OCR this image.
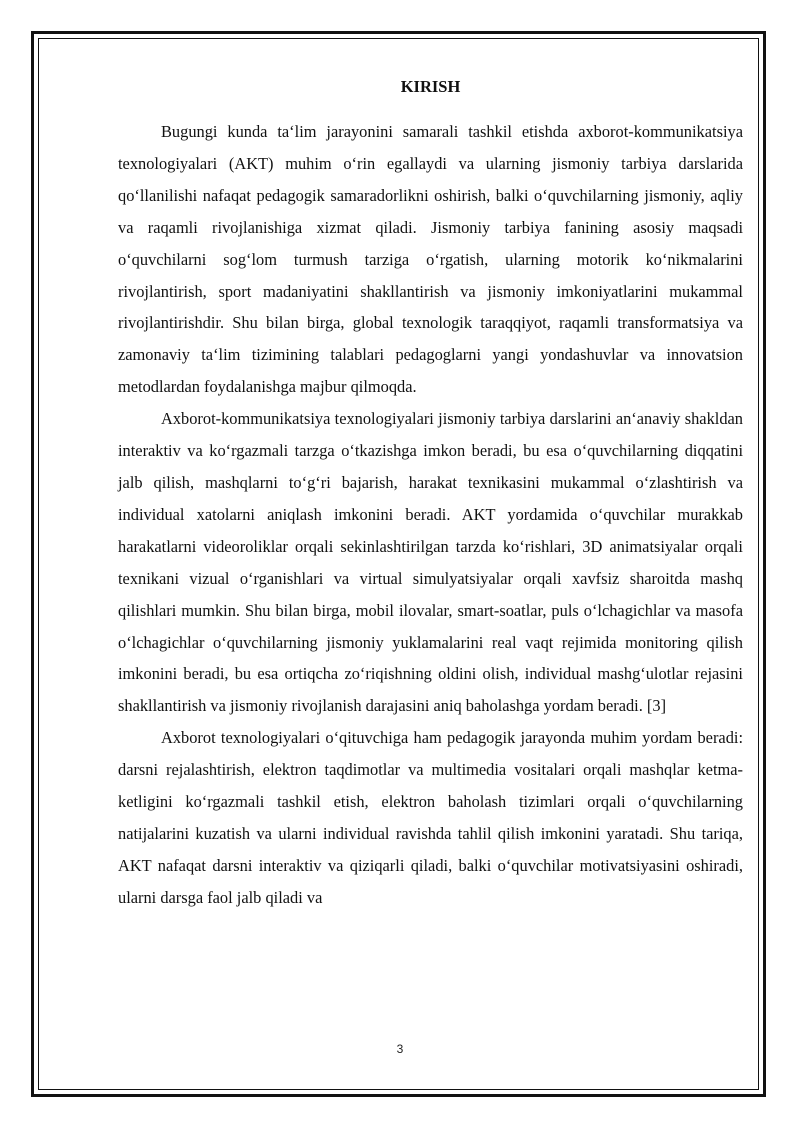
KIRISH

Bugungi kunda ta‘lim jarayonini samarali tashkil etishda axborot-kommunikatsiya texnologiyalari (AKT) muhim o‘rin egallaydi va ularning jismoniy tarbiya darslarida qo‘llanilishi nafaqat pedagogik samaradorlikni oshirish, balki o‘quvchilarning jismoniy, aqliy va raqamli rivojlanishiga xizmat qiladi. Jismoniy tarbiya fanining asosiy maqsadi o‘quvchilarni sog‘lom turmush tarziga o‘rgatish, ularning motorik ko‘nikmalarini rivojlantirish, sport madaniyatini shakllantirish va jismoniy imkoniyatlarini mukammal rivojlantirishdir. Shu bilan birga, global texnologik taraqqiyot, raqamli transformatsiya va zamonaviy ta‘lim tizimining talablari pedagoglarni yangi yondashuvlar va innovatsion metodlardan foydalanishga majbur qilmoqda.

Axborot-kommunikatsiya texnologiyalari jismoniy tarbiya darslarini an‘anaviy shakldan interaktiv va ko‘rgazmali tarzga o‘tkazishga imkon beradi, bu esa o‘quvchilarning diqqatini jalb qilish, mashqlarni to‘g‘ri bajarish, harakat texnikasini mukammal o‘zlashtirish va individual xatolarni aniqlash imkonini beradi. AKT yordamida o‘quvchilar murakkab harakatlarni videoroliklar orqali sekinlashtirilgan tarzda ko‘rishlari, 3D animatsiyalar orqali texnikani vizual o‘rganishlari va virtual simulyatsiyalar orqali xavfsiz sharoitda mashq qilishlari mumkin. Shu bilan birga, mobil ilovalar, smart-soatlar, puls o‘lchagichlar va masofa o‘lchagichlar o‘quvchilarning jismoniy yuklamalarini real vaqt rejimida monitoring qilish imkonini beradi, bu esa ortiqcha zo‘riqishning oldini olish, individual mashg‘ulotlar rejasini shakllantirish va jismoniy rivojlanish darajasini aniq baholashga yordam beradi. [3]

Axborot texnologiyalari o‘qituvchiga ham pedagogik jarayonda muhim yordam beradi: darsni rejalashtirish, elektron taqdimotlar va multimedia vositalari orqali mashqlar ketma-ketligini ko‘rgazmali tashkil etish, elektron baholash tizimlari orqali o‘quvchilarning natijalarini kuzatish va ularni individual ravishda tahlil qilish imkonini yaratadi. Shu tariqa, AKT nafaqat darsni interaktiv va qiziqarli qiladi, balki o‘quvchilar motivatsiyasini oshiradi, ularni darsga faol jalb qiladi va

3
